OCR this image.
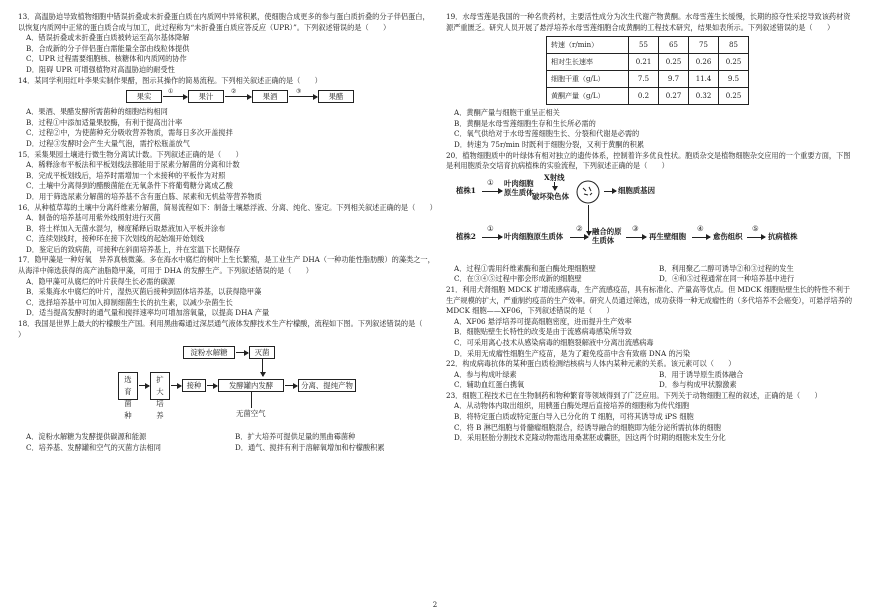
13．高温胁迫导致植物细胞中错误折叠或未折叠蛋白质在内质网中异常积累，使细胞合成更多的参与蛋白质折叠的分子伴侣蛋白，以恢复内质网中正常的蛋白质合成与加工，此过程称为“未折叠蛋白质应答反应（UPR）”。下列叙述错误的是（　　）
A．错误折叠或未折叠蛋白质被转运至高尔基体降解
B．合成新的分子伴侣蛋白需能量全部由线粒体提供
C．UPR 过程需要细胞核、核糖体和内质网的协作
D．阻碍 UPR 可增强植物对高温胁迫的耐受性
14．某同学利用红叶李果实制作果醋，图示其操作的简易流程。下列相关叙述正确的是（　　）
果实
①
果汁
②
果酒
③
果醋
A．果酒、果醋发酵所需菌种的细胞结构相同
B．过程①中添加适量果胶酶，有利于提高出汁率
C．过程②中，为使菌种充分吸收营养物质，需每日多次开盖搅拌
D．过程③发酵时会产生大量气泡，需拧松瓶盖放气
15．采集果园土壤进行微生物分离试计数。下列叙述正确的是（　　）
A．稀释涂布平板法和平板划线法都能用于尿素分解菌的分离和计数
B．完成平板划线后，培养时需增加一个未接种的平板作为对照
C．土壤中分离得到的醋酸菌能在无氧条件下将葡萄糖分离成乙酸
D．用于筛选尿素分解菌的培养基不含有蛋白胨、尿素和无机盐等营养物质
16．从种植草莓的土壤中分离纤维素分解菌，简易流程如下：制备土壤悬浮液、分离、纯化、鉴定。下列相关叙述正确的是（　　）
A．制备的培养基可用紫外线照射进行灭菌
B．将土样加入无菌水混匀，梯度稀释后取悬液加入平板并涂布
C．连续划线时，接种环在接下次划线的起始端开始划线
D．鉴定后的致病菌，可接种在斜面培养基上，并在室温下长期保存
17．隐甲藻是一种好氧　异养真核微藻。多在海水中腐烂的树叶上生长繁殖，是工业生产 DHA（一种功能性脂肪酸）的藻类之一，从海洋中筛选获得的高产油脂隐甲藻，可用于 DHA 的发酵生产。下列叙述错误的是（　　）
A．隐甲藻可从腐烂的叶片获得生长必需的碳源
B．采集海水中腐烂的叶片，湿热灭菌后接种到固体培养基，以获得隐甲藻
C．选择培养基中可加入抑制细菌生长的抗生素，以减少杂菌生长
D．适当提高发酵时的通气量和搅拌速率均可增加溶氧量，以提高 DHA 产量
18．我国是世界上最大的柠檬酸生产国。利用黑曲霉通过深层通气液体发酵技术生产柠檬酸，流程如下图。下列叙述错误的是（　　）
淀粉水解糖	灭菌
选育菌种
扩大培养
接种	发酵罐内发酵	分离、提纯产物
无菌空气
A．淀粉水解糖为发酵提供碳源和能源	B．扩大培养可提供足量的黑曲霉菌种
C．培养基、发酵罐和空气的灭菌方法相同	D．通气、搅拌有利于溶解氧增加和柠檬酸积累
19．水母雪莲是我国的一种名贵药材，主要活性成分为次生代谢产物黄酮。水母雪莲生长缓慢，长期的掠夺性采挖导致该药材资源严重匮乏。研究人员开展了悬浮培养水母雪莲细胞合成黄酮的工程技术研究，结果如表所示。下列叙述错误的是（　　）
转速（r/min）	55	65	75	85
相对生长速率	0.21	0.25	0.26	0.25
细胞干重（g/L）	7.5	9.7	11.4	9.5
黄酮产量（g/L）	0.2	0.27	0.32	0.25
A．黄酮产量与细胞干重呈正相关
B．黄酮是水母雪莲细胞生存和生长所必需的
C．氧气供给对于水母雪莲细胞生长、分裂和代谢是必需的
D．转速为 75r/min 时既利于细胞分裂，又利于黄酮的积累
20．植物细胞质中的叶绿体有相对独立的遗传体系，控制着许多优良性状。胞质杂交是植物细胞杂交应用的一个重要方面，下图是利用胞质杂交培育抗病植株的实验流程，下列叙述正确的是（　　）
植株1
① 叶肉细胞原生质体
X射线
破坏染色体
细胞质基因
植株2
①
叶肉细胞原生质体
② 融合的原生质体
③
再生壁细胞
④
愈伤组织
⑤
抗病植株
A．过程①需用纤维素酶和蛋白酶处理细胞壁	B．利用聚乙二醇可诱导②和③过程的发生
C．在③④⑤过程中都会形成新的细胞壁	D．④和⑤过程通常在同一种培养基中进行
21．利用犬肾细胞 MDCK 扩增流感病毒，生产流感疫苗，具有标准化、产量高等优点。但 MDCK 细胞贴壁生长的特性不利于生产规模的扩大，严重制约疫苗的生产效率。研究人员通过筛选，成功获得一种无成瘤性的（多代培养不会癌变），可悬浮培养的 MDCK 细胞——XF06，下列叙述错误的是（　　）
A．XF06 悬浮培养可提高细胞密度，进而提升生产效率
B．细胞贴壁生长特性的改变是由于流感病毒感染所导致
C．可采用离心技术从感染病毒的细胞裂解液中分离出流感病毒
D．采用无成瘤性细胞生产疫苗，是为了避免疫苗中含有致癌 DNA 的污染
22．构成病毒抗体的某种蛋白质检测结核病与人体内某种元素的关系。该元素可以（　　）
A．参与构成叶绿素	B．用于诱导原生质体融合
C．辅助血红蛋白携氧	D．参与构成甲状腺激素
23．细胞工程技术已在生物制药和物种繁育等领域得到了广泛应用。下列关于动物细胞工程的叙述，正确的是（　　）
A．从动物体内取出组织，用胰蛋白酶处理后直接培养的细胞称为传代细胞
B．将特定蛋白质或特定蛋白导入已分化的 T 细胞，可将其诱导成 iPS 细胞
C．将 B 淋巴细胞与骨髓瘤细胞混合，经诱导融合的细胞即为能分泌所需抗体的细胞
D．采用胚胎分割技术克隆动物需选用桑葚胚或囊胚，因这两个时期的细胞未发生分化
2
